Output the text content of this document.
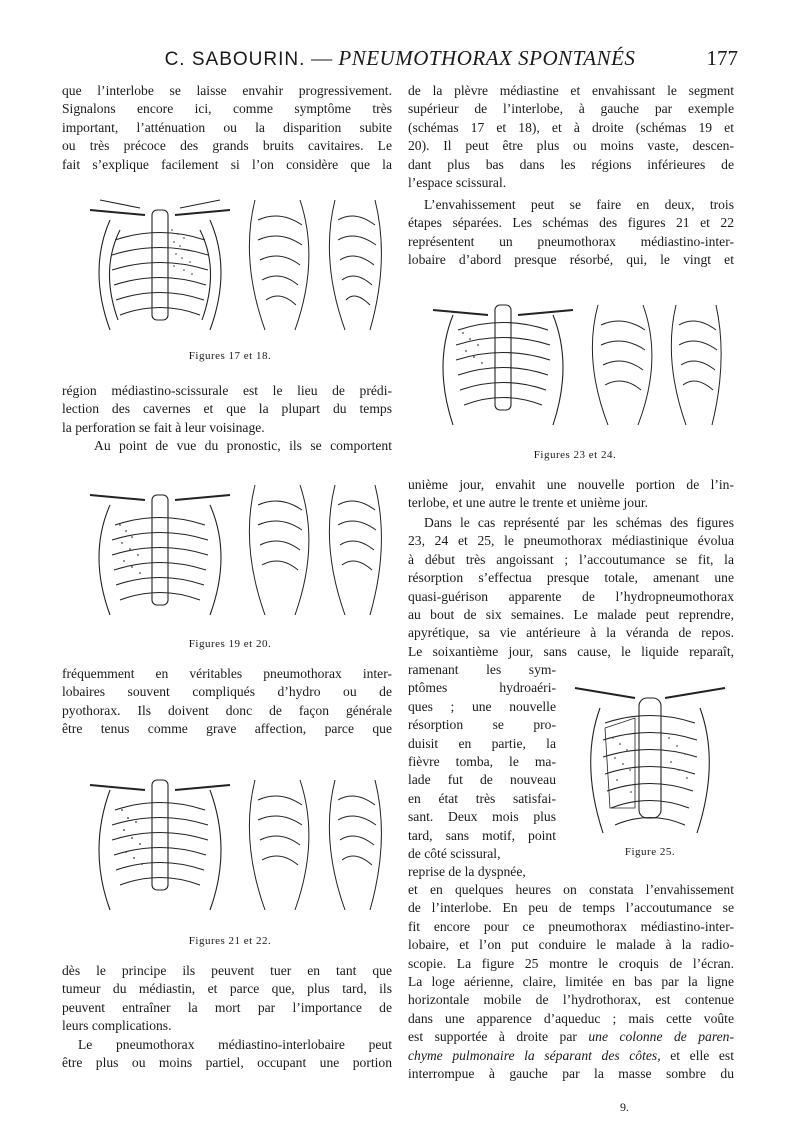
C. SABOURIN. — PNEUMOTHORAX SPONTANÉS	177
que l’interlobe se laisse envahir progressivement.
Signalons encore ici, comme symptôme très
important, l’atténuation ou la disparition subite
ou très précoce des grands bruits cavitaires. Le
fait s’explique facilement si l’on considère que la
Figures 17 et 18.
région médiastino-scissurale est le lieu de prédi-
lection des cavernes et que la plupart du temps
la perforation se fait à leur voisinage.
Au point de vue du pronostic, ils se comportent
Figures 19 et 20.
fréquemment en véritables pneumothorax inter-
lobaires souvent compliqués d’hydro ou de
pyothorax. Ils doivent donc de façon générale
être tenus comme grave affection, parce que
Figures 21 et 22.
dès le principe ils peuvent tuer en tant que
tumeur du médiastin, et parce que, plus tard, ils
peuvent entraîner la mort par l’importance de
leurs complications.
Le pneumothorax médiastino-interlobaire peut
être plus ou moins partiel, occupant une portion
de la plèvre médiastine et envahissant le segment
supérieur de l’interlobe, à gauche par exemple
(schémas 17 et 18), et à droite (schémas 19 et
20). Il peut être plus ou moins vaste, descen-
dant plus bas dans les régions inférieures de
l’espace scissural.
L’envahissement peut se faire en deux, trois
étapes séparées. Les schémas des figures 21 et 22
représentent un pneumothorax médiastino-inter-
lobaire d’abord presque résorbé, qui, le vingt et
Figures 23 et 24.
unième jour, envahit une nouvelle portion de l’in-
terlobe, et une autre le trente et unième jour.
Dans le cas représenté par les schémas des figures
23, 24 et 25, le pneumothorax médiastinique évolua
à début très angoissant ; l’accoutumance se fit, la
résorption s’effectua presque totale, amenant une
quasi-guérison apparente de l’hydropneumothorax
au bout de six semaines. Le malade peut reprendre,
apyrétique, sa vie antérieure à la véranda de repos.
Le soixantième jour, sans cause, le liquide reparaît,
ramenant les sym-
ptômes hydroaéri-
ques ; une nouvelle
résorption se pro-
duisit en partie, la
fièvre tomba, le ma-
lade fut de nouveau
en état très satisfai-
sant. Deux mois plus
tard, sans motif, point
de côté scissural,
reprise de la dyspnée,
Figure 25.
et en quelques heures on constata l’envahissement
de l’interlobe. En peu de temps l’accoutumance se
fit encore pour ce pneumothorax médiastino-inter-
lobaire, et l’on put conduire le malade à la radio-
scopie. La figure 25 montre le croquis de l’écran.
La loge aérienne, claire, limitée en bas par la ligne
horizontale mobile de l’hydrothorax, est contenue
dans une apparence d’aqueduc ; mais cette voûte
est supportée à droite par une colonne de paren-
chyme pulmonaire la séparant des côtes, et elle est
interrompue à gauche par la masse sombre du
9.
